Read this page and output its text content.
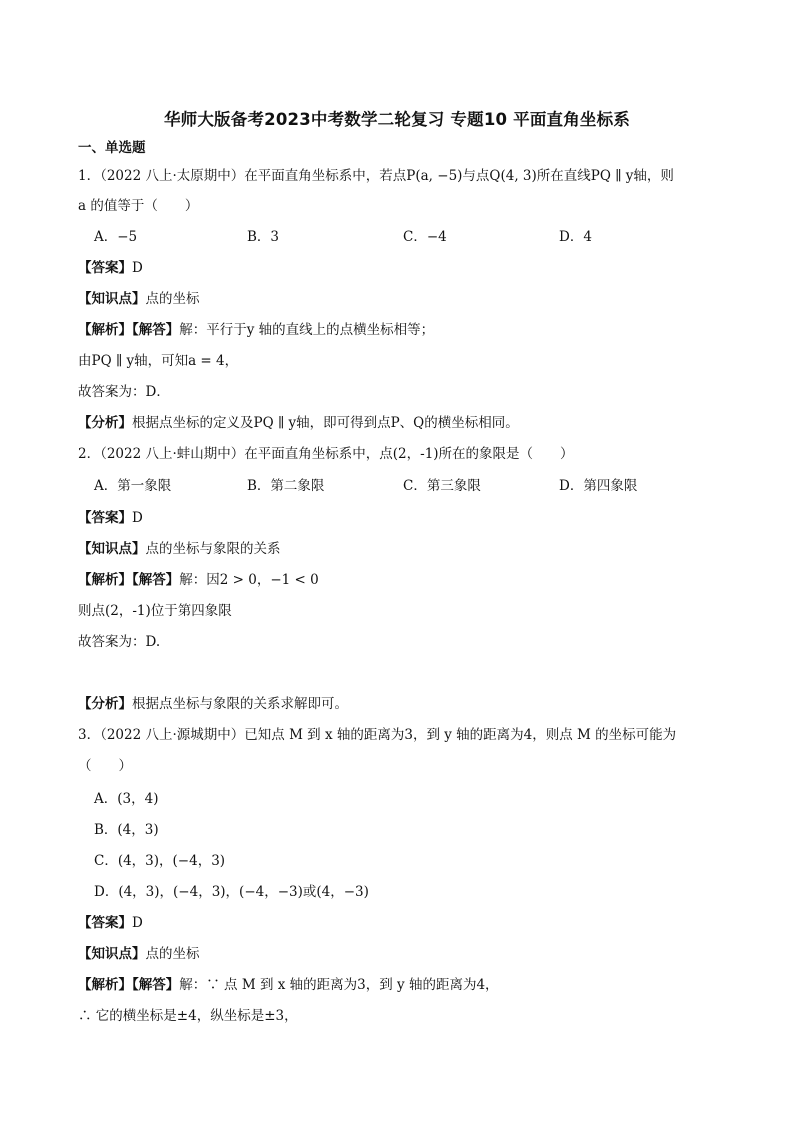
华师大版备考2023中考数学二轮复习 专题10 平面直角坐标系
一、单选题
1．（2022 八上·太原期中）在平面直角坐标系中，若点P(a, −5)与点Q(4, 3)所在直线PQ ∥ y轴，则
a 的值等于（　　）
A．−5	B．3	C．−4	D．4
【答案】D
【知识点】点的坐标
【解析】【解答】解：平行于y 轴的直线上的点横坐标相等；
由PQ ∥ y轴，可知a = 4，
故答案为：D．
【分析】根据点坐标的定义及PQ ∥ y轴，即可得到点P、Q的横坐标相同。
2．（2022 八上·蚌山期中）在平面直角坐标系中，点(2，-1)所在的象限是（　　）
A．第一象限	B．第二象限	C．第三象限	D．第四象限
【答案】D
【知识点】点的坐标与象限的关系
【解析】【解答】解：因2 > 0，−1 < 0
则点(2，-1)位于第四象限
故答案为：D.
【分析】根据点坐标与象限的关系求解即可。
3．（2022 八上·源城期中）已知点 M 到 x 轴的距离为3，到 y 轴的距离为4，则点 M 的坐标可能为
（　　）
A．(3，4)
B．(4，3)
C．(4，3)，(−4，3)
D．(4，3)，(−4，3)，(−4，−3)或(4，−3)
【答案】D
【知识点】点的坐标
【解析】【解答】解：∵ 点 M 到 x 轴的距离为3，到 y 轴的距离为4，
∴ 它的横坐标是±4，纵坐标是±3，
